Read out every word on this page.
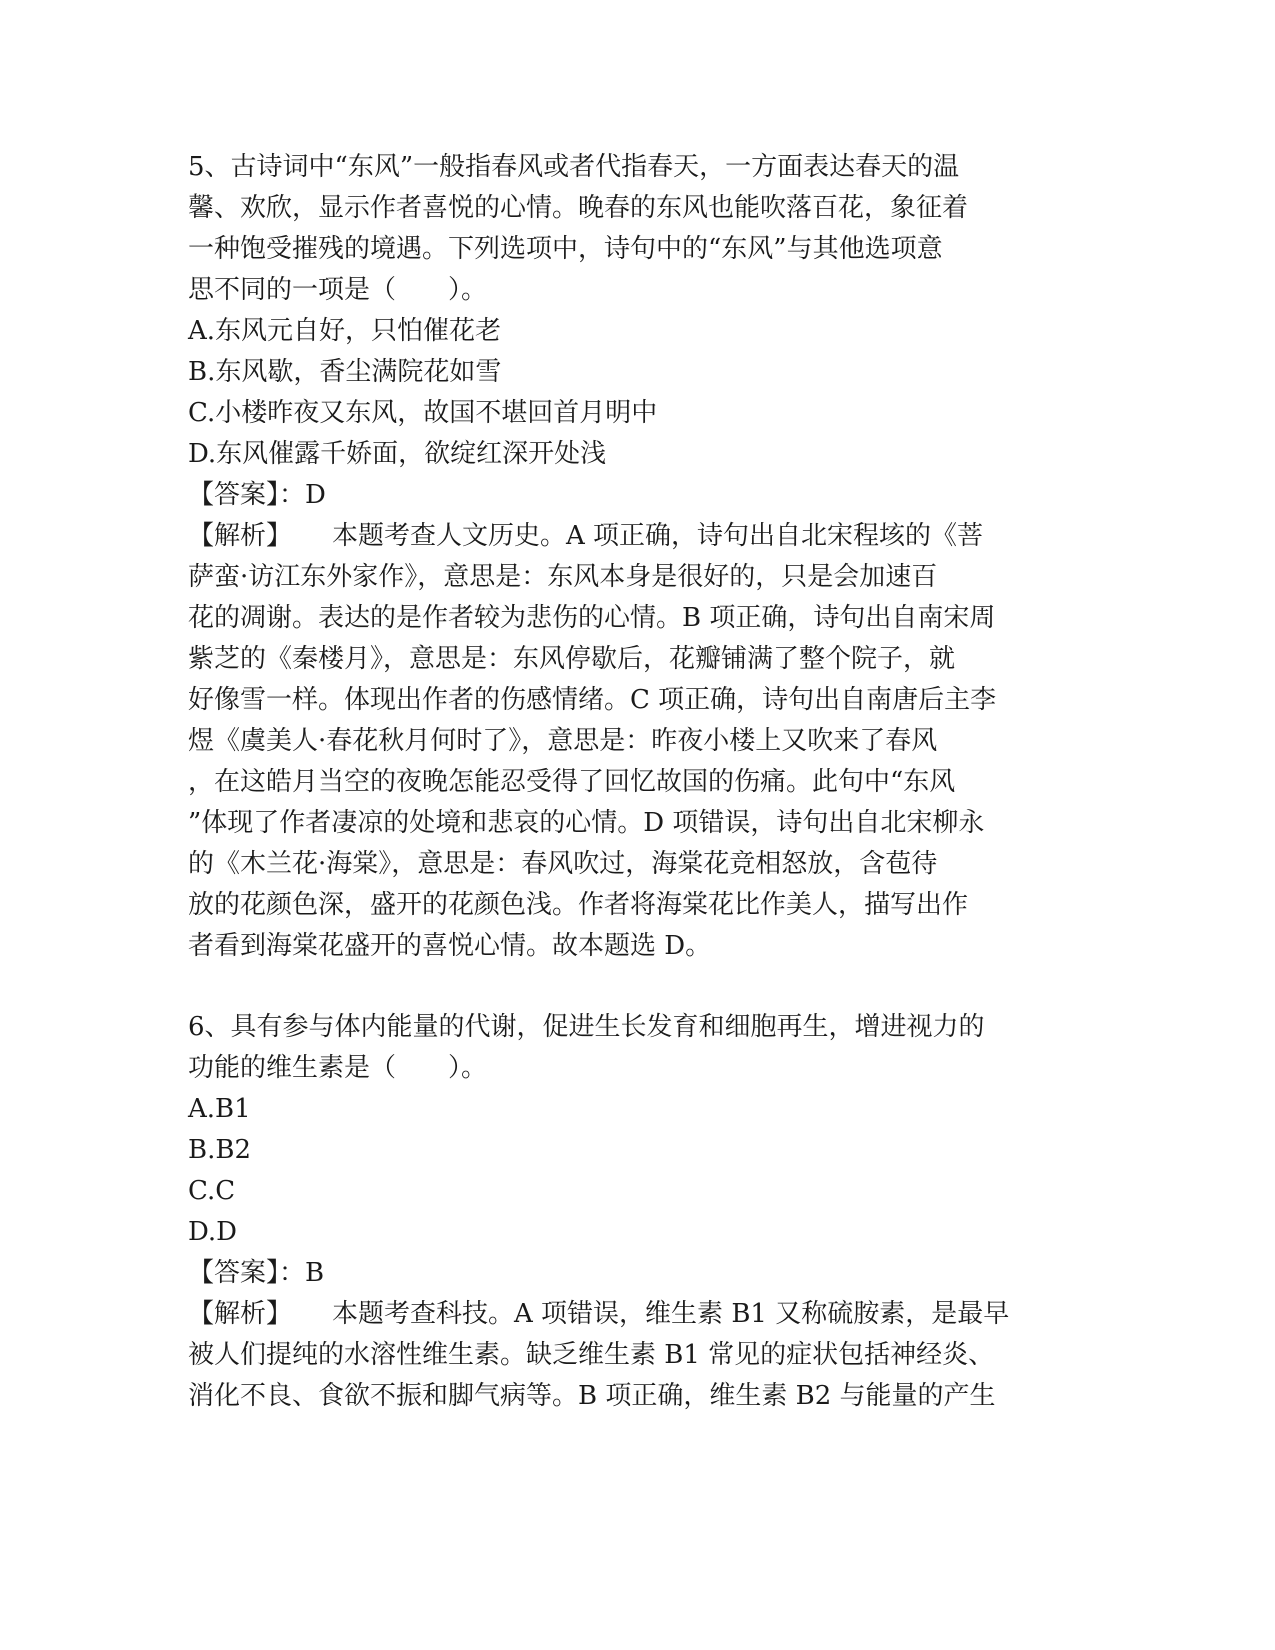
5、古诗词中“东风”一般指春风或者代指春天，一方面表达春天的温
馨、欢欣，显示作者喜悦的心情。晚春的东风也能吹落百花，象征着
一种饱受摧残的境遇。下列选项中，诗句中的“东风”与其他选项意
思不同的一项是（　　）。
A.东风元自好，只怕催花老
B.东风歇，香尘满院花如雪
C.小楼昨夜又东风，故国不堪回首月明中
D.东风催露千娇面，欲绽红深开处浅
【答案】：D
【解析】 本题考查人文历史。A 项正确，诗句出自北宋程垓的《菩
萨蛮·访江东外家作》，意思是：东风本身是很好的，只是会加速百
花的凋谢。表达的是作者较为悲伤的心情。B 项正确，诗句出自南宋周
紫芝的《秦楼月》，意思是：东风停歇后，花瓣铺满了整个院子，就
好像雪一样。体现出作者的伤感情绪。C 项正确，诗句出自南唐后主李
煜《虞美人·春花秋月何时了》，意思是：昨夜小楼上又吹来了春风
，在这皓月当空的夜晚怎能忍受得了回忆故国的伤痛。此句中“东风
”体现了作者凄凉的处境和悲哀的心情。D 项错误，诗句出自北宋柳永
的《木兰花·海棠》，意思是：春风吹过，海棠花竞相怒放，含苞待
放的花颜色深，盛开的花颜色浅。作者将海棠花比作美人，描写出作
者看到海棠花盛开的喜悦心情。故本题选 D。
6、具有参与体内能量的代谢，促进生长发育和细胞再生，增进视力的
功能的维生素是（　　）。
A.B1
B.B2
C.C
D.D
【答案】：B
【解析】 本题考查科技。A 项错误，维生素 B1 又称硫胺素，是最早
被人们提纯的水溶性维生素。缺乏维生素 B1 常见的症状包括神经炎、
消化不良、食欲不振和脚气病等。B 项正确，维生素 B2 与能量的产生
